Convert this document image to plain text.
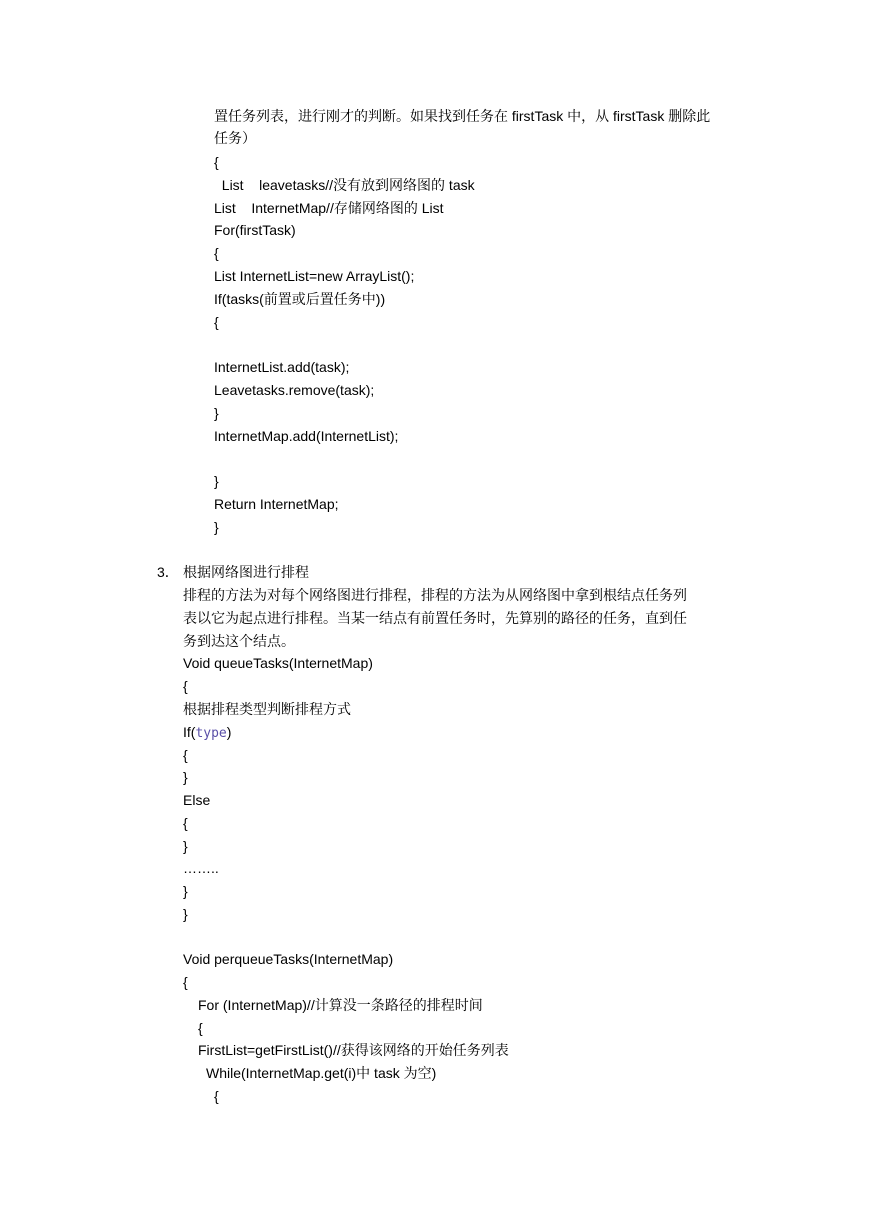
置任务列表，进行刚才的判断。如果找到任务在 firstTask 中，从 firstTask 删除此
任务）
{
List    leavetasks//没有放到网络图的 task
List    InternetMap//存储网络图的 List
For(firstTask)
{
List InternetList=new ArrayList();
If(tasks(前置或后置任务中))
{
InternetList.add(task);
Leavetasks.remove(task);
}
InternetMap.add(InternetList);
}
Return InternetMap;
}
3． 根据网络图进行排程
排程的方法为对每个网络图进行排程，排程的方法为从网络图中拿到根结点任务列
表以它为起点进行排程。当某一结点有前置任务时，先算别的路径的任务，直到任
务到达这个结点。
Void queueTasks(InternetMap)
{
根据排程类型判断排程方式
If(type)
{
}
Else
{
}
……..
}
}
Void perqueueTasks(InternetMap)
{
For (InternetMap)//计算没一条路径的排程时间
{
FirstList=getFirstList()//获得该网络的开始任务列表
While(InternetMap.get(i)中 task 为空)
{
